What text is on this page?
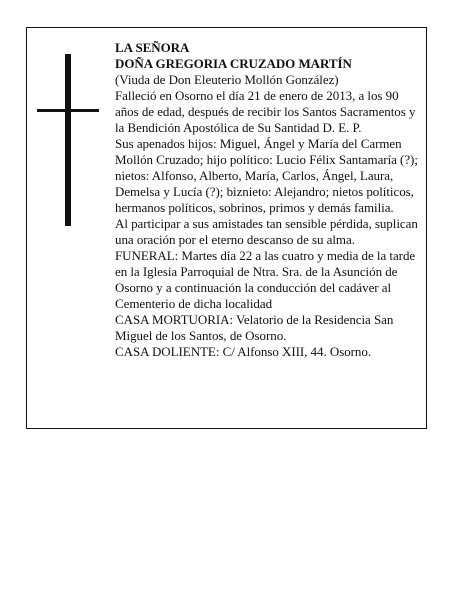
LA SEÑORA

DOÑA GREGORIA CRUZADO MARTÍN

(Viuda de Don Eleuterio Mollón González)

Falleció en Osorno el día 21 de enero de 2013, a los 90 años de edad, después de recibir los Santos Sacramentos y la Bendición Apostólica de Su Santidad D. E. P.

Sus apenados hijos: Miguel, Ángel y María del Carmen Mollón Cruzado; hijo político: Lucio Félix Santamaría (?); nietos: Alfonso, Alberto, María, Carlos, Ángel, Laura, Demelsa y Lucía (?); biznieto: Alejandro; nietos políticos, hermanos políticos, sobrinos, primos y demás familia.

Al participar a sus amistades tan sensible pérdida, suplican una oración por el eterno descanso de su alma.

FUNERAL: Martes día 22 a las cuatro y media de la tarde en la Iglesia Parroquial de Ntra. Sra. de la Asunción de Osorno y a continuación la conducción del cadáver al Cementerio de dicha localidad

CASA MORTUORIA: Velatorio de la Residencia San Miguel de los Santos, de Osorno.

CASA DOLIENTE: C/ Alfonso XIII, 44. Osorno.
